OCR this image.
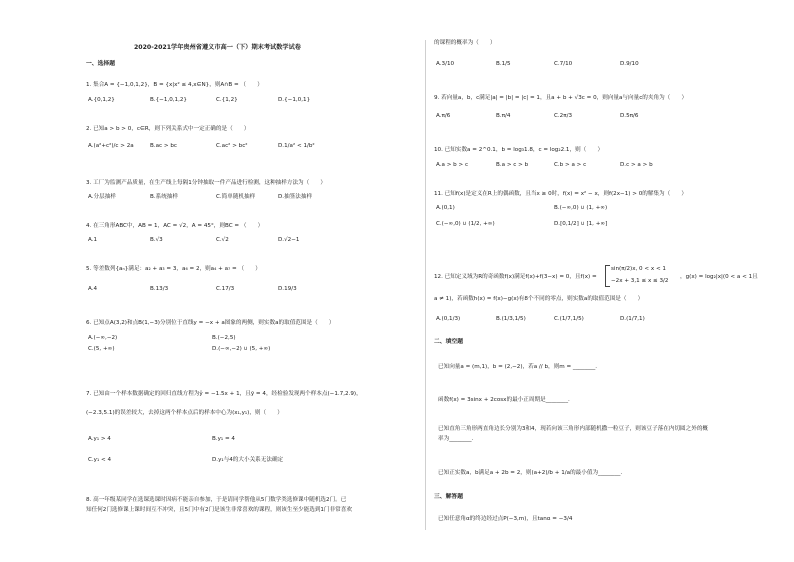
2020-2021学年贵州省遵义市高一（下）期末考试数学试卷
一、选择题
1. 集合A = {−1,0,1,2}，B = {x|x² ≤ 4,x∈N}，则A∩B = （　　）
A.{0,1,2}	B.{−1,0,1,2}	C.{1,2}	D.{−1,0,1}
2. 已知a > b > 0，c∈R，则下列关系式中一定正确的是（　　）
A.(a²+c²)/c > 2a	B.ac > bc	C.ac² > bc²	D.1/a² < 1/b²
3. 工厂为监测产品质量，在生产线上每隔1分钟抽取一件产品进行检测，这种抽样方法为（　　）
A.分层抽样	B.系统抽样	C.简单随机抽样	D.抽签法抽样
4. 在三角形ABC中，AB = 1，AC = √2，A = 45°，则BC = （　　）
A.1	B.√3	C.√2	D.√2−1
5. 等差数列{aₙ}满足：a₂ + a₃ = 3，a₆ = 2，则a₄ + a₇ = （　　）
A.4	B.13/3	C.17/3	D.19/3
6. 已知点A(3,2)和点B(1,−3)分别位于直线y = −x + a图象的两侧，则实数a的取值范围是（　　）
A.(−∞,−2)	B.(−2,5)
C.(5, +∞)	D.(−∞,−2) ∪ (5, +∞)
7. 已知由一个样本数据确定的回归直线方程为ŷ = −1.5x + 1，且ȳ = 4，经检验发现两个样本点(−1.7,2.9)，
(−2.3,5.1)的误差较大，去掉这两个样本点后的样本中心为(x₁,y₁)，则（　　）
A.y₁ > 4	B.y₁ = 4
C.y₁ < 4	D.y₁与4的大小关系无法确定
8. 高一年级某同学在选课选课时因病不能亲自参加，于是请同学帮他从5门数学类选修课中随机选2门。已
知任何2门选修课上课时间互不冲突，且5门中有2门是该生非常喜欢的课程，则该生至少能选到1门非常喜欢
的课程的概率为（　　）
A.3/10	B.1/5	C.7/10	D.9/10
9. 若向量a，b，c满足|a| = |b| = |c| = 1，且a + b + √3c = 0，则向量a与向量c的夹角为（　　）
A.π/6	B.π/4	C.2π/3	D.5π/6
10. 已知实数a = 2^0.1，b = log₃1.8，c = log₂2.1，则（　　）
A.a > b > c	B.a > c > b	C.b > a > c	D.c > a > b
11. 已知f(x)是定义在R上的偶函数，且当x ≥ 0时，f(x) = x² − x，则f(2x−1) > 0的解集为（　　）
A.(0,1)	B.(−∞,0) ∪ (1, +∞)
C.(−∞,0) ∪ (1/2, +∞)	D.[0,1/2] ∪ [1, +∞]
12. 已知定义域为R的奇函数f(x)满足f(x)+f(3−x) = 0，且f(x) =
sin(π/2)x, 0 < x < 1
−2x + 3,1 ≤ x ≤ 3/2
，g(x) = log₂|x|(0 < a < 1且
a ≠ 1)，若函数h(x) = f(x)−g(x)有8个不同的零点，则实数a的取值范围是（　　）
A.(0,1/3)	B.(1/3,1/5)	C.(1/7,1/5)	D.(1/7,1)
二、填空题
已知向量a = (m,1)，b = (2,−2)，若a // b，则m = ________.
函数f(x) = 3sinx + 2cosx的最小正周期是________.
已知直角三角形两直角边长分别为3和4，现若向该三角形内部随机撒一粒豆子，则该豆子落在内切圆之外的概
率为________.
已知正实数a，b满足a + 2b = 2，则(a+2)/b + 1/a的最小值为________.
三、解答题
已知任意角α的终边经过点P(−3,m)，且tanα = −3/4
